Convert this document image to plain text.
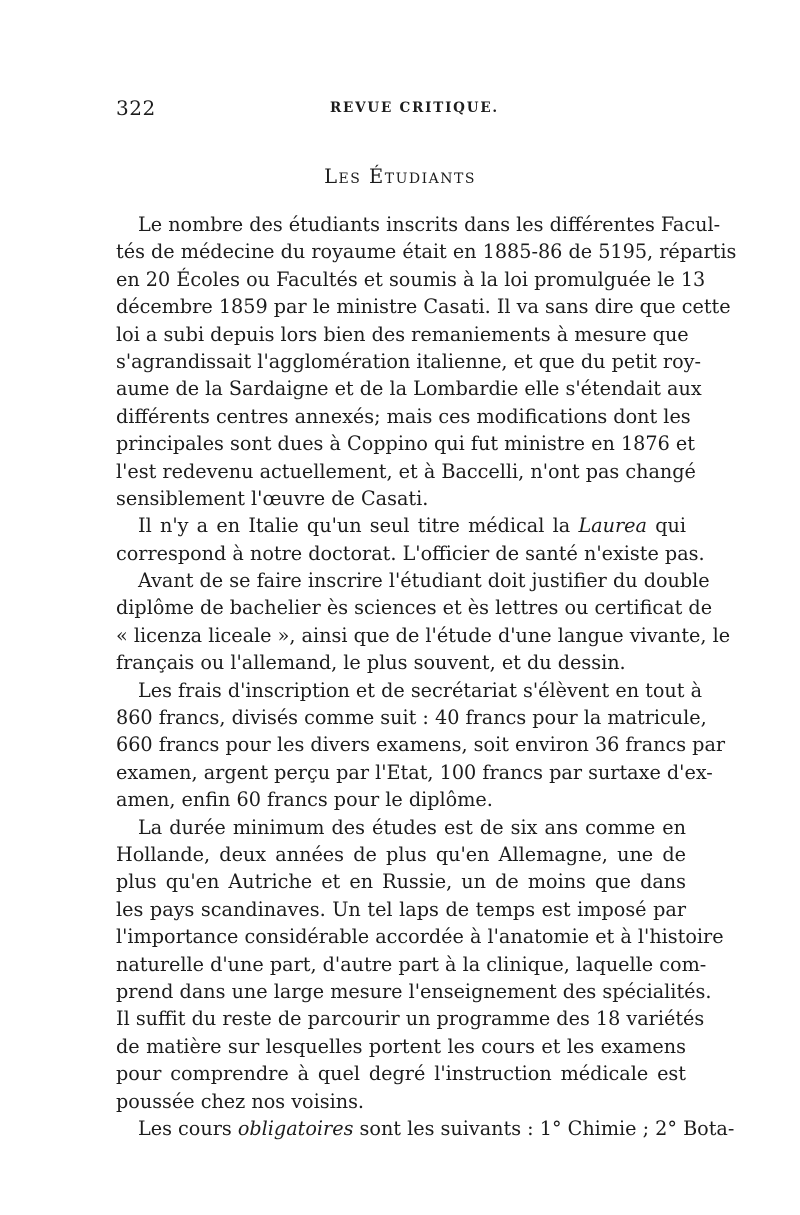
322	REVUE CRITIQUE.
Les Étudiants
Le nombre des étudiants inscrits dans les différentes Facul-
tés de médecine du royaume était en 1885-86 de 5195, répartis
en 20 Écoles ou Facultés et soumis à la loi promulguée le 13
décembre 1859 par le ministre Casati. Il va sans dire que cette
loi a subi depuis lors bien des remaniements à mesure que
s'agrandissait l'agglomération italienne, et que du petit roy-
aume de la Sardaigne et de la Lombardie elle s'étendait aux
différents centres annexés; mais ces modifications dont les
principales sont dues à Coppino qui fut ministre en 1876 et
l'est redevenu actuellement, et à Baccelli, n'ont pas changé
sensiblement l'œuvre de Casati.
Il n'y a en Italie qu'un seul titre médical la Laurea qui
correspond à notre doctorat. L'officier de santé n'existe pas.
Avant de se faire inscrire l'étudiant doit justifier du double
diplôme de bachelier ès sciences et ès lettres ou certificat de
« licenza liceale », ainsi que de l'étude d'une langue vivante, le
français ou l'allemand, le plus souvent, et du dessin.
Les frais d'inscription et de secrétariat s'élèvent en tout à
860 francs, divisés comme suit : 40 francs pour la matricule,
660 francs pour les divers examens, soit environ 36 francs par
examen, argent perçu par l'Etat, 100 francs par surtaxe d'ex-
amen, enfin 60 francs pour le diplôme.
La durée minimum des études est de six ans comme en
Hollande, deux années de plus qu'en Allemagne, une de
plus qu'en Autriche et en Russie, un de moins que dans
les pays scandinaves. Un tel laps de temps est imposé par
l'importance considérable accordée à l'anatomie et à l'histoire
naturelle d'une part, d'autre part à la clinique, laquelle com-
prend dans une large mesure l'enseignement des spécialités.
Il suffit du reste de parcourir un programme des 18 variétés
de matière sur lesquelles portent les cours et les examens
pour comprendre à quel degré l'instruction médicale est
poussée chez nos voisins.
Les cours obligatoires sont les suivants : 1° Chimie ; 2° Bota-
